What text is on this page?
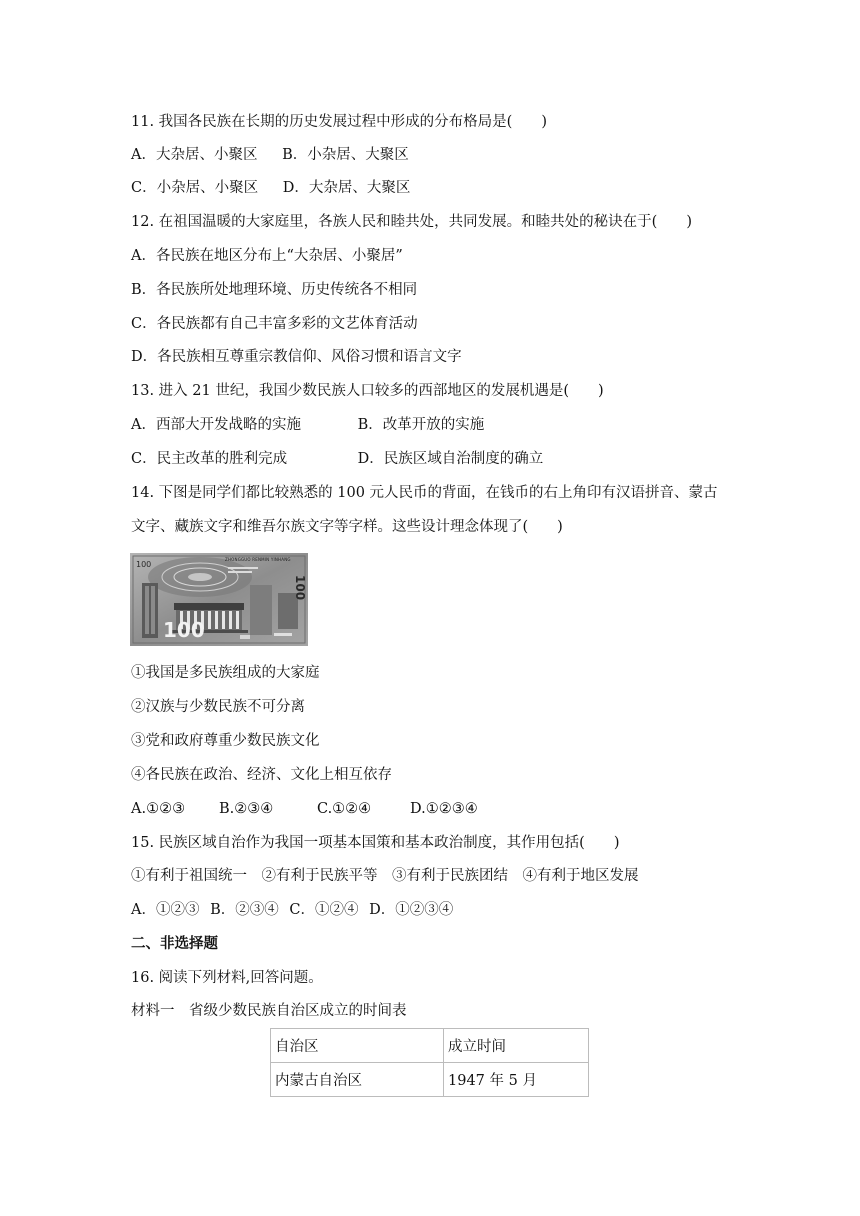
11. 我国各民族在长期的历史发展过程中形成的分布格局是(　　)
A．大杂居、小聚区 B．小杂居、大聚区
C．小杂居、小聚区 D．大杂居、大聚区
12. 在祖国温暖的大家庭里，各族人民和睦共处，共同发展。和睦共处的秘诀在于(　　)
A．各民族在地区分布上“大杂居、小聚居”
B．各民族所处地理环境、历史传统各不相同
C．各民族都有自己丰富多彩的文艺体育活动
D．各民族相互尊重宗教信仰、风俗习惯和语言文字
13. 进入 21 世纪，我国少数民族人口较多的西部地区的发展机遇是(　　)
A．西部大开发战略的实施	B．改革开放的实施
C．民主改革的胜利完成	D．民族区域自治制度的确立
14. 下图是同学们都比较熟悉的 100 元人民币的背面，在钱币的右上角印有汉语拼音、蒙古
文字、藏族文字和维吾尔族文字等字样。这些设计理念体现了(　　)
100
100
ZHONGGUO RENMIN YINHANG
100
①我国是多民族组成的大家庭
②汉族与少数民族不可分离
③党和政府尊重少数民族文化
④各民族在政治、经济、文化上相互依存
A.①②③ B.②③④	C.①②④	D.①②③④
15. 民族区域自治作为我国一项基本国策和基本政治制度，其作用包括(　　)
①有利于祖国统一　②有利于民族平等　③有利于民族团结　④有利于地区发展
A．①②③ B．②③④ C．①②④ D．①②③④
二、非选择题
16. 阅读下列材料,回答问题。
材料一　省级少数民族自治区成立的时间表
自治区	成立时间
内蒙古自治区	1947 年 5 月
